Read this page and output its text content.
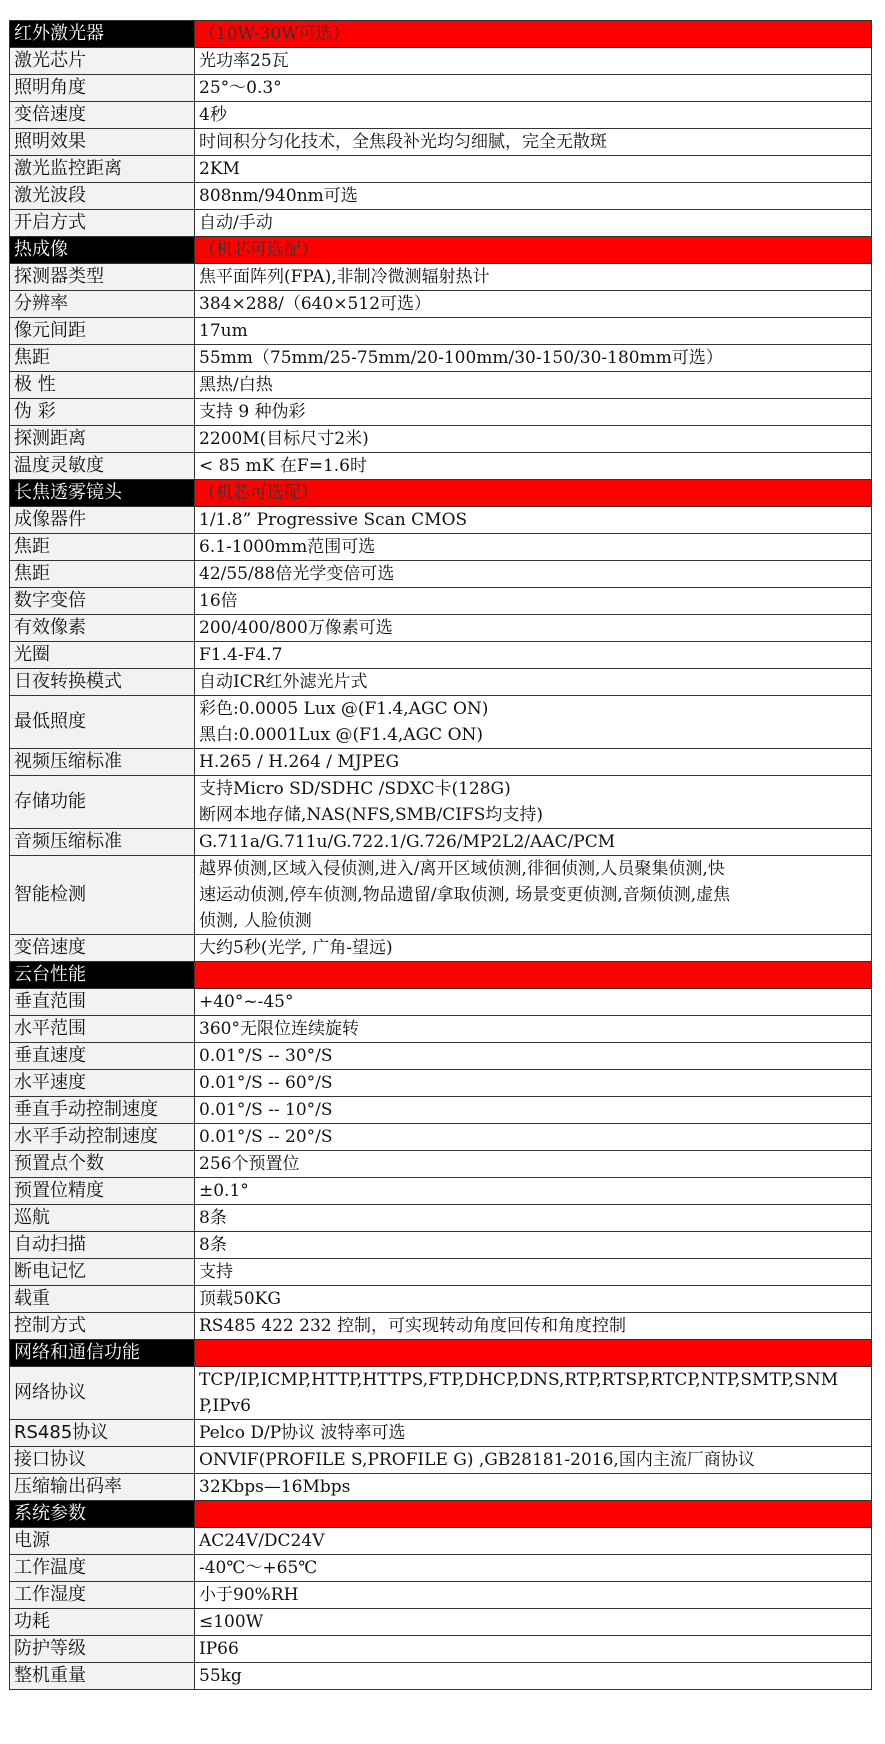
红外激光器	（10W-30W可选）
激光芯片	光功率25瓦
照明角度	25°～0.3°
变倍速度	4秒
照明效果	时间积分匀化技术，全焦段补光均匀细腻，完全无散斑
激光监控距离	2KM
激光波段	808nm/940nm可选
开启方式	自动/手动
热成像	（机芯可选配）
探测器类型	焦平面阵列(FPA),非制冷微测辐射热计
分辨率	384×288/（640×512可选）
像元间距	17um
焦距	55mm（75mm/25-75mm/20-100mm/30-150/30-180mm可选）
极 性	黑热/白热
伪 彩	支持 9 种伪彩
探测距离	2200M(目标尺寸2米)
温度灵敏度	< 85 mK 在F=1.6时
长焦透雾镜头	（机芯可选配）
成像器件	1/1.8” Progressive Scan CMOS
焦距	6.1-1000mm范围可选
焦距	42/55/88倍光学变倍可选
数字变倍	16倍
有效像素	200/400/800万像素可选
光圈	F1.4-F4.7
日夜转换模式	自动ICR红外滤光片式
最低照度	彩色:0.0005 Lux @(F1.4,AGC ON)
黑白:0.0001Lux @(F1.4,AGC ON)

视频压缩标准	H.265 / H.264 / MJPEG
存储功能	支持Micro SD/SDHC /SDXC卡(128G)
断网本地存储,NAS(NFS,SMB/CIFS均支持)

音频压缩标准	G.711a/G.711u/G.722.1/G.726/MP2L2/AAC/PCM
智能检测	越界侦测,区域入侵侦测,进入/离开区域侦测,徘徊侦测,人员聚集侦测,快
速运动侦测,停车侦测,物品遗留/拿取侦测, 场景变更侦测,音频侦测,虚焦
侦测, 人脸侦测

变倍速度	大约5秒(光学, 广角-望远)
云台性能	
垂直范围	+40°~-45°
水平范围	360°无限位连续旋转
垂直速度	0.01°/S -- 30°/S
水平速度	0.01°/S -- 60°/S
垂直手动控制速度	0.01°/S -- 10°/S
水平手动控制速度	0.01°/S -- 20°/S
预置点个数	256个预置位
预置位精度	±0.1°
巡航	8条
自动扫描	8条
断电记忆	支持
载重	顶载50KG
控制方式	RS485 422 232 控制，可实现转动角度回传和角度控制
网络和通信功能	
网络协议	TCP/IP,ICMP,HTTP,HTTPS,FTP,DHCP,DNS,RTP,RTSP,RTCP,NTP,SMTP,SNM
P,IPv6

RS485协议	Pelco D/P协议 波特率可选
接口协议	ONVIF(PROFILE S,PROFILE G) ,GB28181-2016,国内主流厂商协议
压缩输出码率	32Kbps—16Mbps
系统参数	
电源	AC24V/DC24V
工作温度	-40℃～+65℃
工作湿度	小于90%RH
功耗	≤100W
防护等级	IP66
整机重量	55kg
